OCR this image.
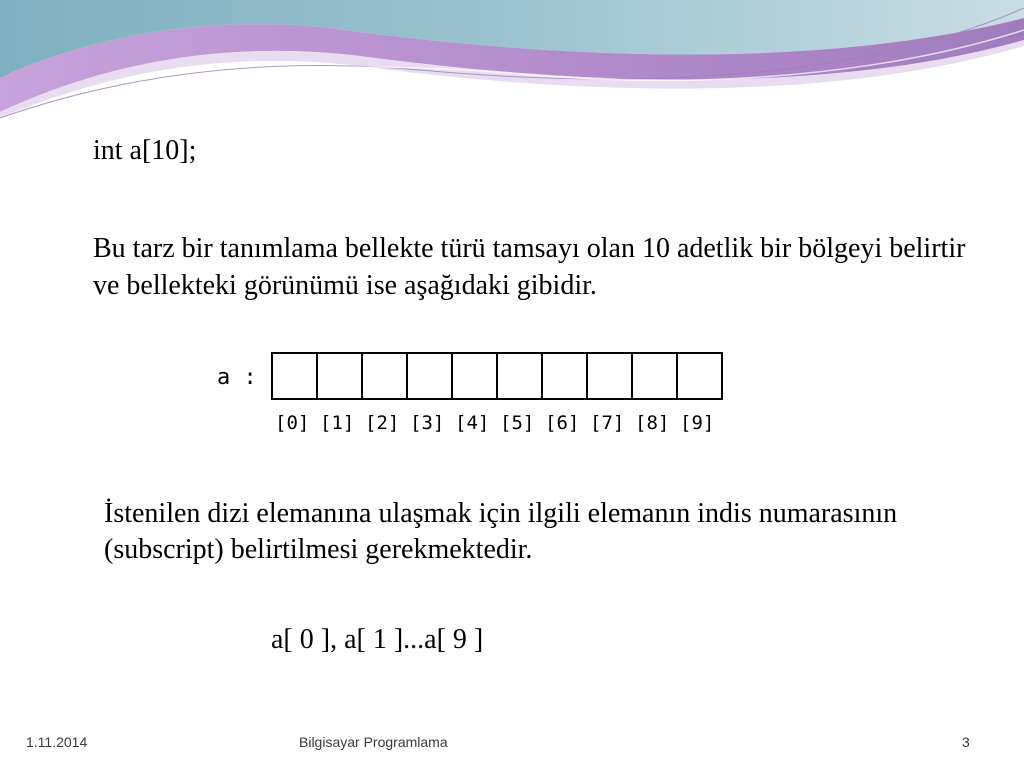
int a[10];
Bu tarz bir tanımlama bellekte türü tamsayı olan 10 adetlik bir bölgeyi belirtir ve bellekteki görünümü ise aşağıdaki gibidir.
a :
[0] [1] [2] [3] [4] [5] [6] [7] [8] [9]
İstenilen dizi elemanına ulaşmak için ilgili elemanın indis numarasının (subscript) belirtilmesi gerekmektedir.
a[ 0 ], a[ 1 ]...a[ 9 ]
1.11.2014	Bilgisayar Programlama	3
